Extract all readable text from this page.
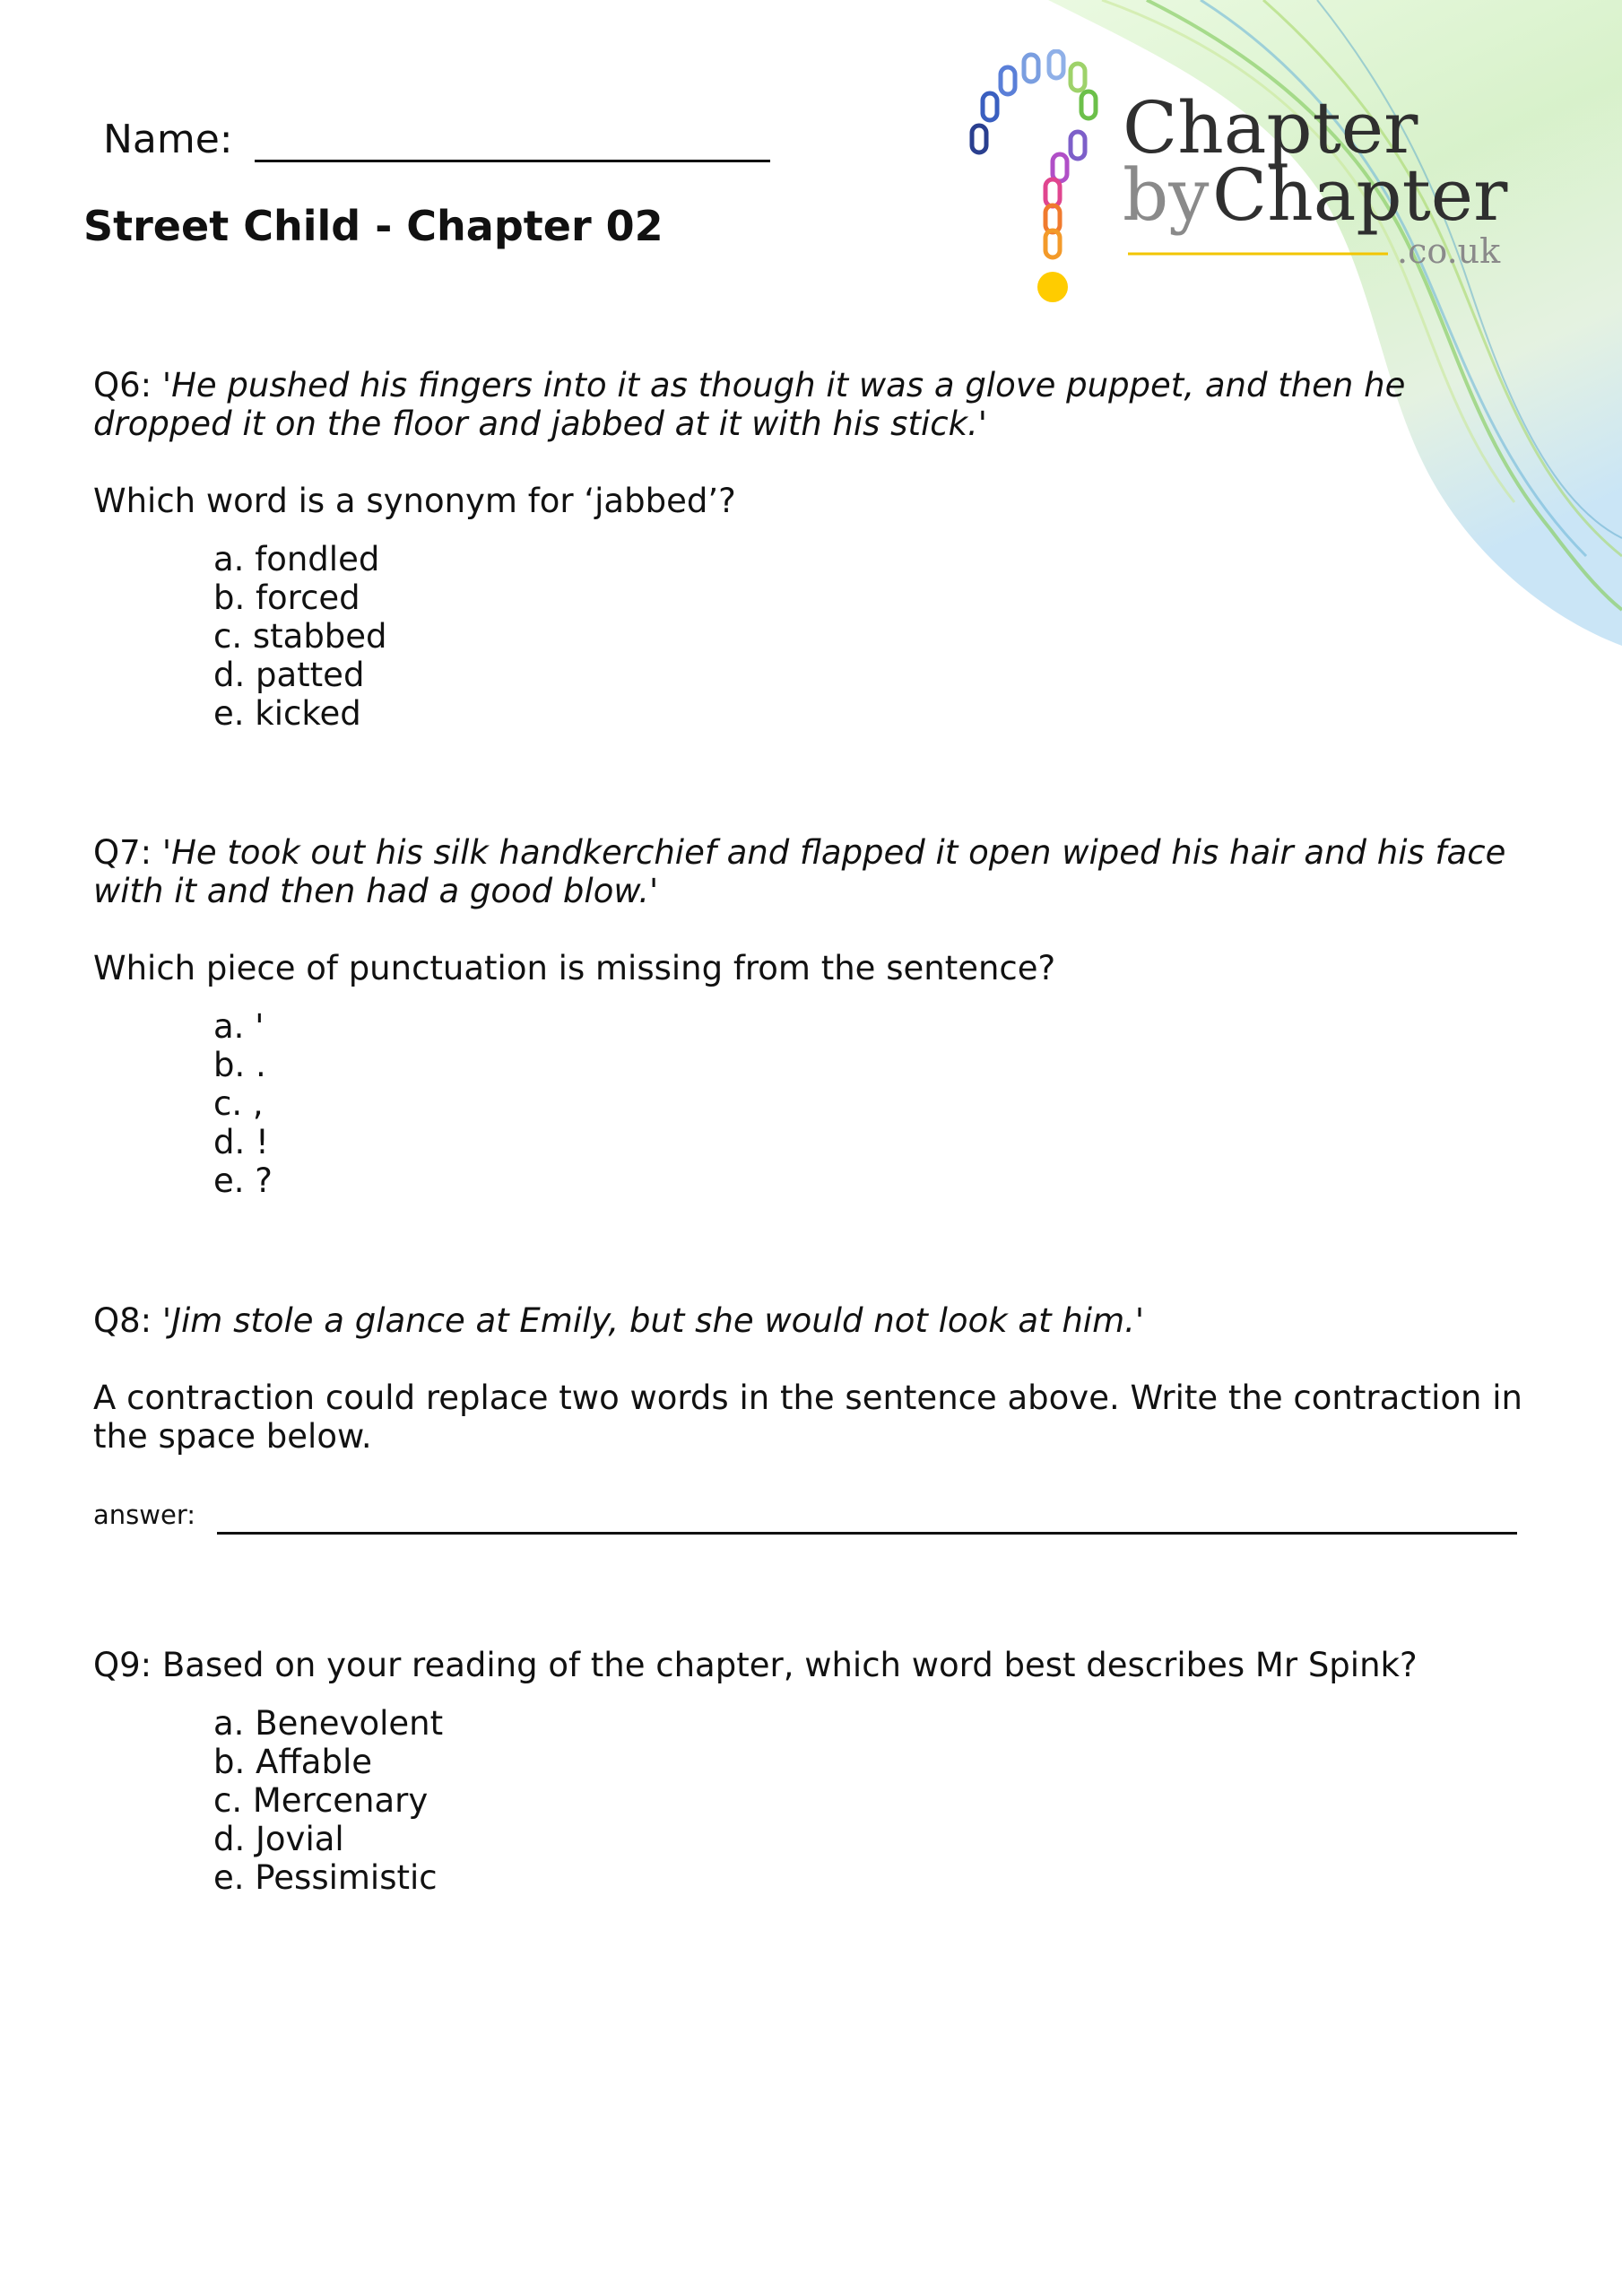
Chapter
by Chapter
.co.uk
Name:
Street Child - Chapter 02

Q6: 'He pushed his fingers into it as though it was a glove puppet, and then he dropped it on the floor and jabbed at it with his stick.'

Which word is a synonym for ‘jabbed’?

a. fondled
b. forced
c. stabbed
d. patted
e. kicked

Q7: 'He took out his silk handkerchief and flapped it open wiped his hair and his face with it and then had a good blow.'

Which piece of punctuation is missing from the sentence?

a. '
b. .
c. ,
d. !
e. ?

Q8: 'Jim stole a glance at Emily, but she would not look at him.'

A contraction could replace two words in the sentence above. Write the contraction in the space below.

answer:

Q9: Based on your reading of the chapter, which word best describes Mr Spink?

a. Benevolent
b. Affable
c. Mercenary
d. Jovial
e. Pessimistic
